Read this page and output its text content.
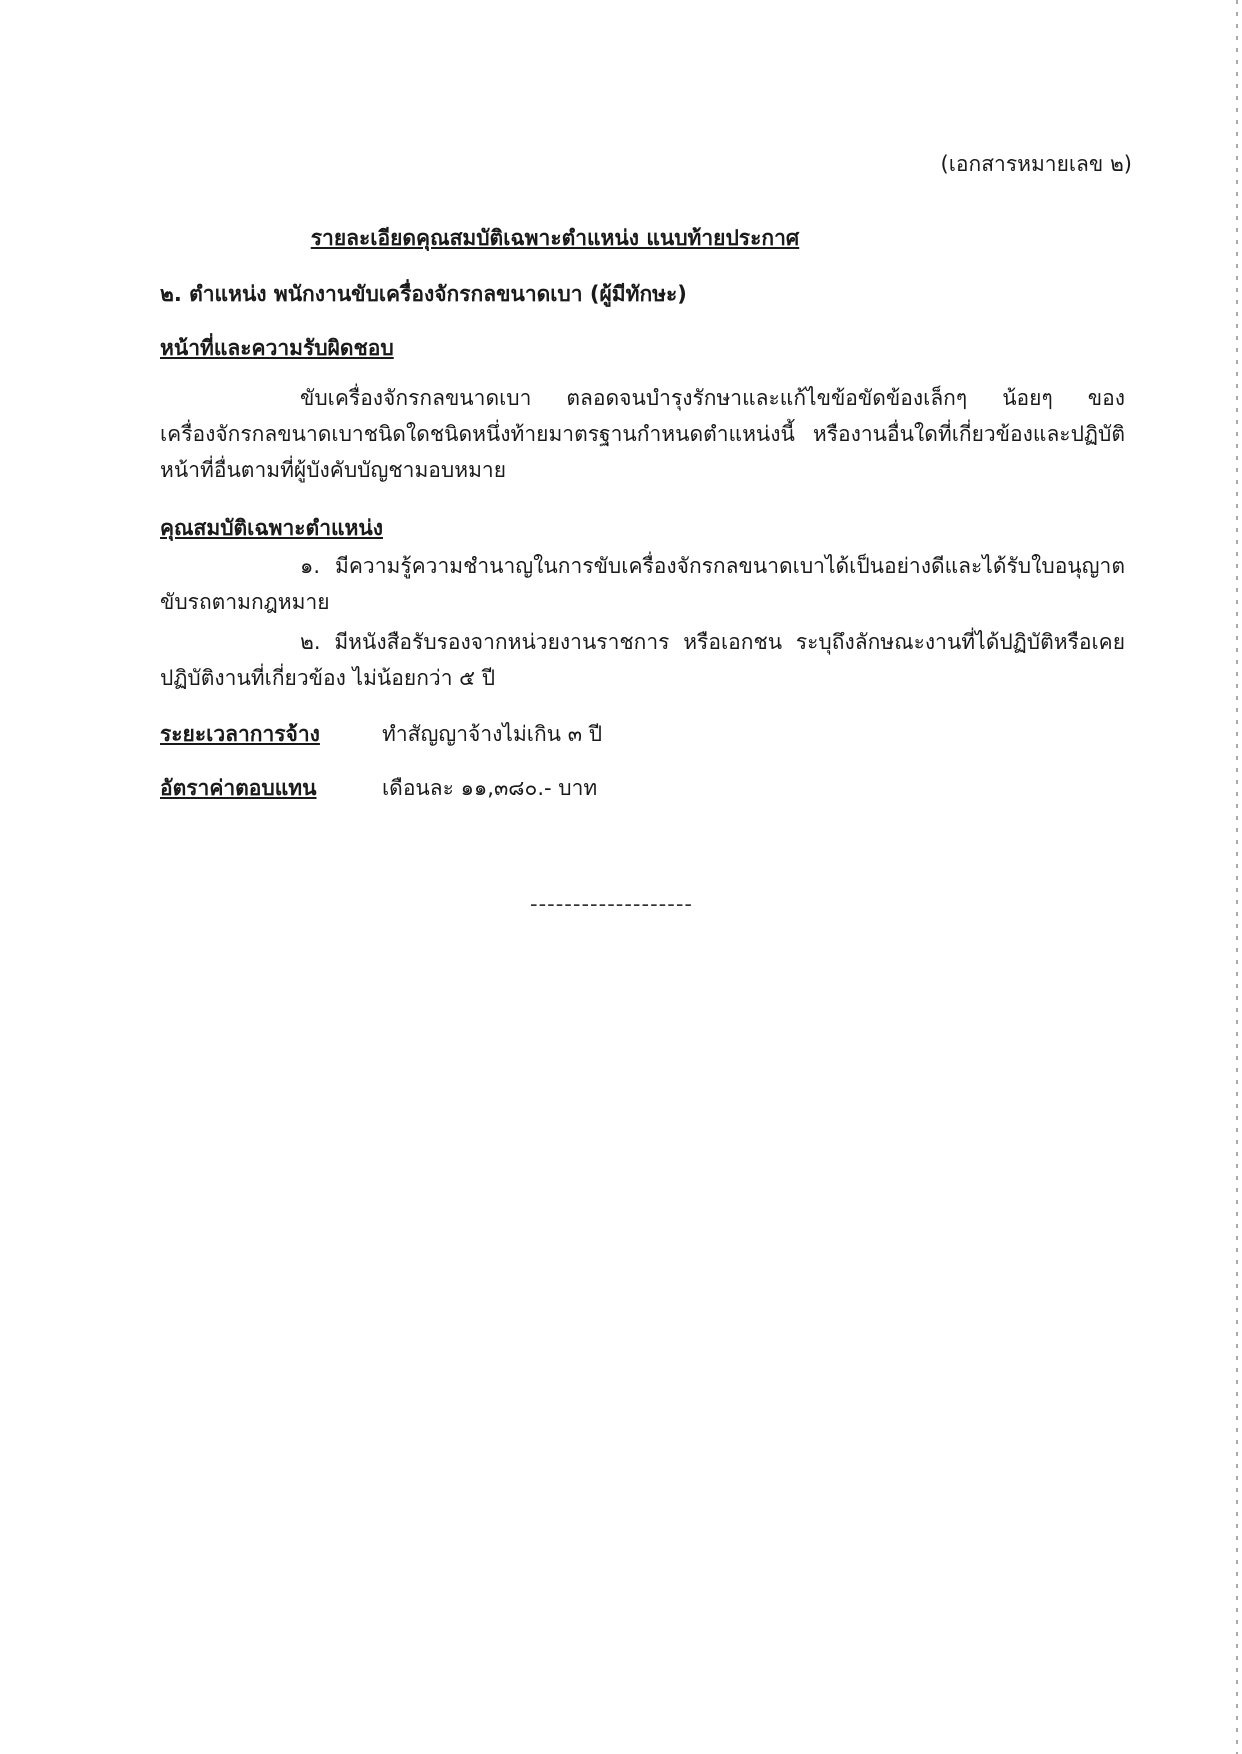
(เอกสารหมายเลข ๒)
รายละเอียดคุณสมบัติเฉพาะตำแหน่ง แนบท้ายประกาศ
๒. ตำแหน่ง พนักงานขับเครื่องจักรกลขนาดเบา (ผู้มีทักษะ)
หน้าที่และความรับผิดชอบ
ขับเครื่องจักรกลขนาดเบา ตลอดจนบำรุงรักษาและแก้ไขข้อขัดข้องเล็กๆ น้อยๆ ของเครื่องจักรกลขนาดเบาชนิดใดชนิดหนึ่งท้ายมาตรฐานกำหนดตำแหน่งนี้ หรืองานอื่นใดที่เกี่ยวข้องและปฏิบัติหน้าที่อื่นตามที่ผู้บังคับบัญชามอบหมาย
คุณสมบัติเฉพาะตำแหน่ง
๑. มีความรู้ความชำนาญในการขับเครื่องจักรกลขนาดเบาได้เป็นอย่างดีและได้รับใบอนุญาตขับรถตามกฎหมาย
๒. มีหนังสือรับรองจากหน่วยงานราชการ หรือเอกชน ระบุถึงลักษณะงานที่ได้ปฏิบัติหรือเคยปฏิบัติงานที่เกี่ยวข้อง ไม่น้อยกว่า ๕ ปี
ระยะเวลาการจ้าง	ทำสัญญาจ้างไม่เกิน ๓ ปี
อัตราค่าตอบแทน	เดือนละ ๑๑,๓๘๐.- บาท
-------------------
